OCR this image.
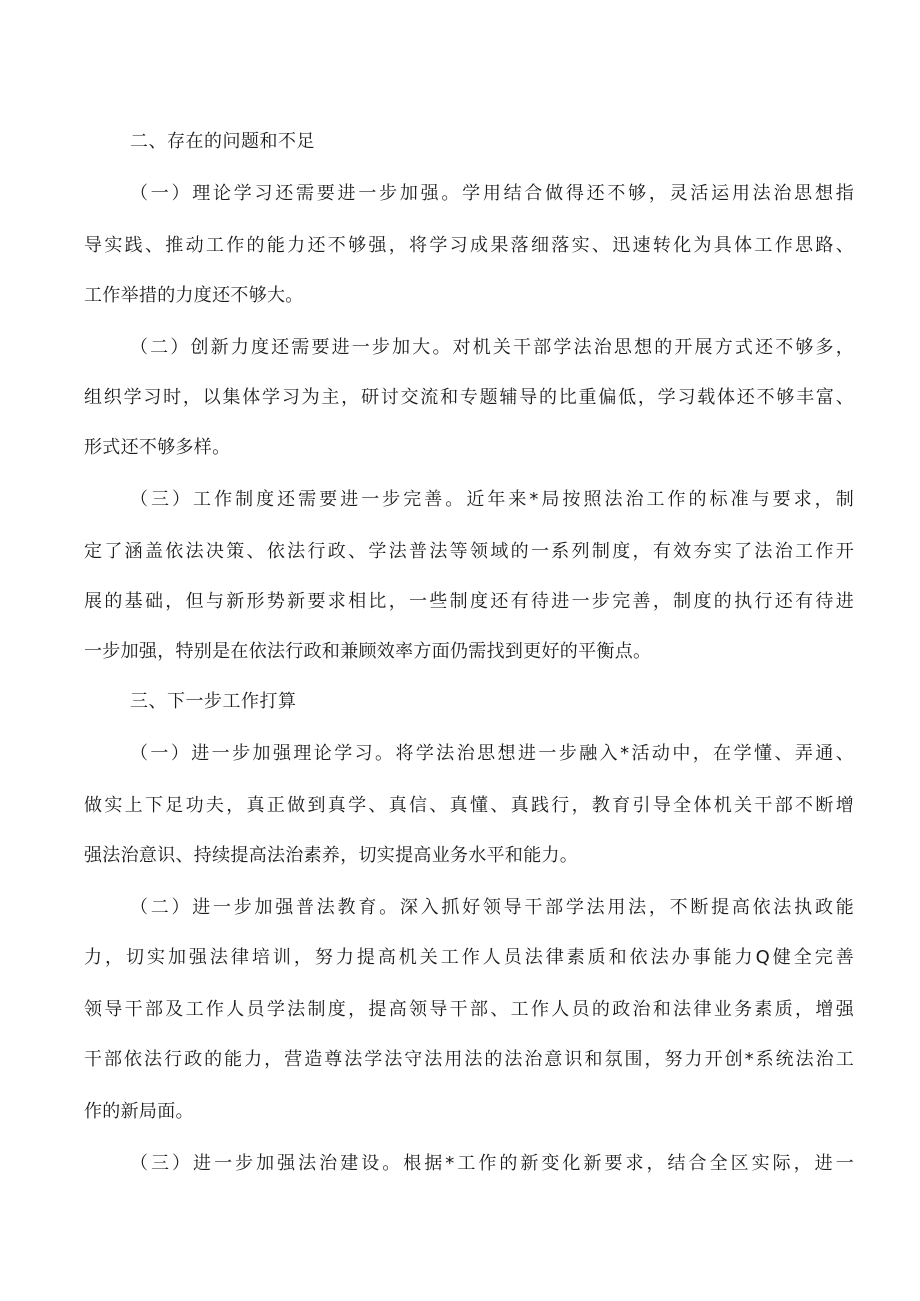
二、存在的问题和不足
（一）理论学习还需要进一步加强。学用结合做得还不够，灵活运用法治思想指
导实践、推动工作的能力还不够强，将学习成果落细落实、迅速转化为具体工作思路、
工作举措的力度还不够大。
（二）创新力度还需要进一步加大。对机关干部学法治思想的开展方式还不够多，
组织学习时，以集体学习为主，研讨交流和专题辅导的比重偏低，学习载体还不够丰富、
形式还不够多样。
（三）工作制度还需要进一步完善。近年来*局按照法治工作的标准与要求，制
定了涵盖依法决策、依法行政、学法普法等领域的一系列制度，有效夯实了法治工作开
展的基础，但与新形势新要求相比，一些制度还有待进一步完善，制度的执行还有待进
一步加强，特别是在依法行政和兼顾效率方面仍需找到更好的平衡点。
三、下一步工作打算
（一）进一步加强理论学习。将学法治思想进一步融入*活动中，在学懂、弄通、
做实上下足功夫，真正做到真学、真信、真懂、真践行，教育引导全体机关干部不断增
强法治意识、持续提高法治素养，切实提高业务水平和能力。
（二）进一步加强普法教育。深入抓好领导干部学法用法，不断提高依法执政能
力，切实加强法律培训，努力提高机关工作人员法律素质和依法办事能力Q健全完善
领导干部及工作人员学法制度，提高领导干部、工作人员的政治和法律业务素质，增强
干部依法行政的能力，营造尊法学法守法用法的法治意识和氛围，努力开创*系统法治工
作的新局面。
（三）进一步加强法治建设。根据*工作的新变化新要求，结合全区实际，进一
